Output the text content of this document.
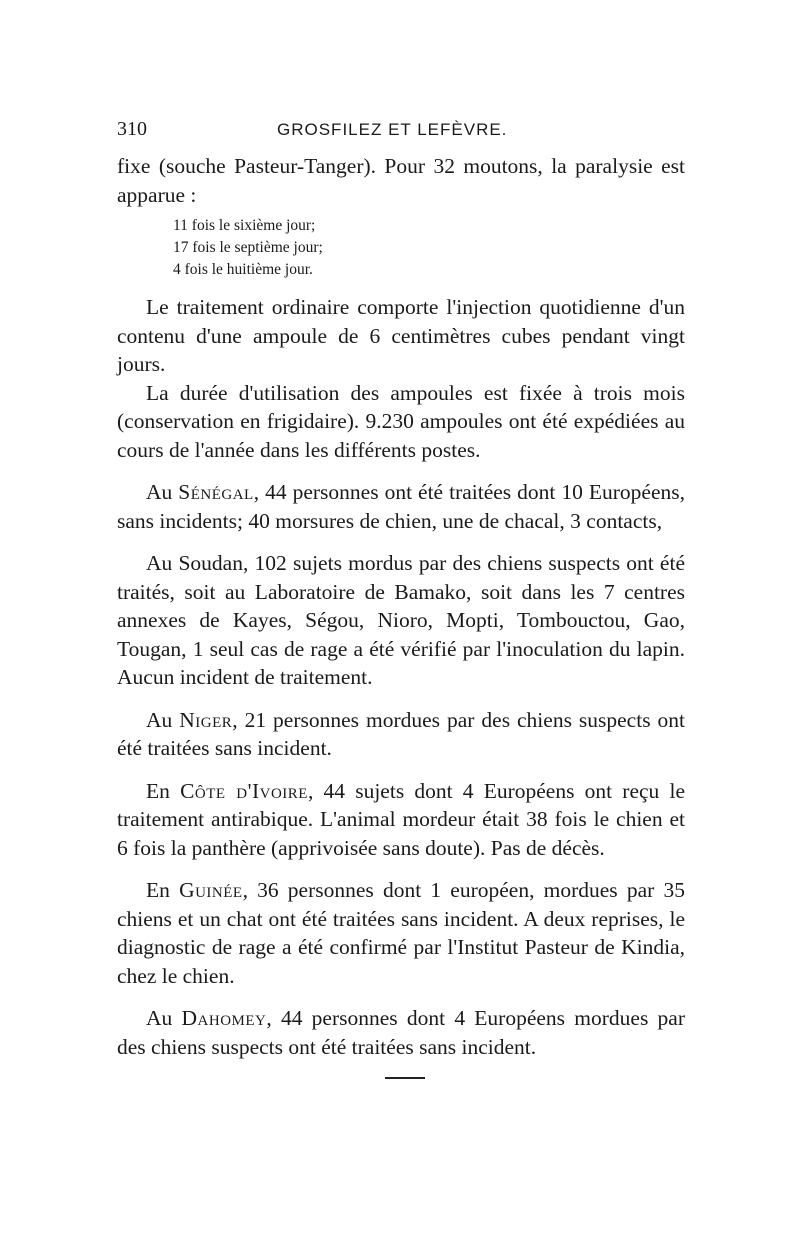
310	GROSFILEZ ET LEFÈVRE.

fixe (souche Pasteur-Tanger). Pour 32 moutons, la paralysie est apparue :

11 fois le sixième jour;
17 fois le septième jour;
4 fois le huitième jour.

Le traitement ordinaire comporte l'injection quotidienne d'un contenu d'une ampoule de 6 centimètres cubes pendant vingt jours.

La durée d'utilisation des ampoules est fixée à trois mois (conservation en frigidaire). 9.230 ampoules ont été expédiées au cours de l'année dans les différents postes.

Au Sénégal, 44 personnes ont été traitées dont 10 Européens, sans incidents; 40 morsures de chien, une de chacal, 3 contacts,

Au Soudan, 102 sujets mordus par des chiens suspects ont été traités, soit au Laboratoire de Bamako, soit dans les 7 centres annexes de Kayes, Ségou, Nioro, Mopti, Tombouctou, Gao, Tougan, 1 seul cas de rage a été vérifié par l'inoculation du lapin. Aucun incident de traitement.

Au Niger, 21 personnes mordues par des chiens suspects ont été traitées sans incident.

En Côte d'Ivoire, 44 sujets dont 4 Européens ont reçu le traitement antirabique. L'animal mordeur était 38 fois le chien et 6 fois la panthère (apprivoisée sans doute). Pas de décès.

En Guinée, 36 personnes dont 1 européen, mordues par 35 chiens et un chat ont été traitées sans incident. A deux reprises, le diagnostic de rage a été confirmé par l'Institut Pasteur de Kindia, chez le chien.

Au Dahomey, 44 personnes dont 4 Européens mordues par des chiens suspects ont été traitées sans incident.
